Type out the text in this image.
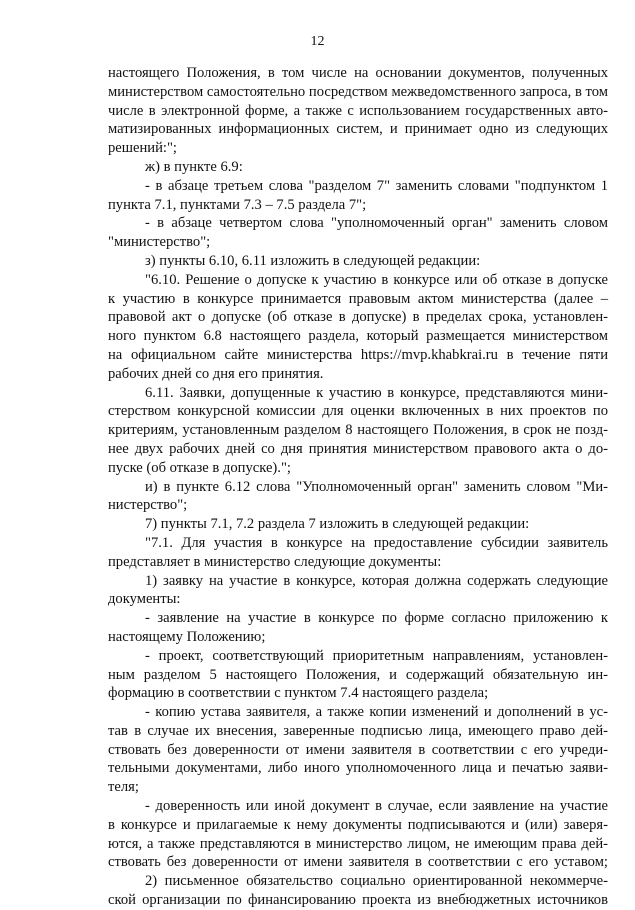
12
настоящего Положения, в том числе на основании документов, полученных
министерством самостоятельно посредством межведомственного запроса, в том
числе в электронной форме, а также с использованием государственных авто-
матизированных информационных систем, и принимает одно из следующих
решений:";
ж) в пункте 6.9:
- в абзаце третьем слова "разделом 7" заменить словами "подпунктом 1
пункта 7.1, пунктами 7.3 – 7.5 раздела 7";
- в абзаце четвертом слова "уполномоченный орган" заменить словом
"министерство";
з) пункты 6.10, 6.11 изложить в следующей редакции:
"6.10. Решение о допуске к участию в конкурсе или об отказе в допуске
к участию в конкурсе принимается правовым актом министерства (далее –
правовой акт о допуске (об отказе в допуске) в пределах срока, установлен-
ного пунктом 6.8 настоящего раздела, который размещается министерством
на официальном сайте министерства https://mvp.khabkrai.ru в течение пяти
рабочих дней со дня его принятия.
6.11. Заявки, допущенные к участию в конкурсе, представляются мини-
стерством конкурсной комиссии для оценки включенных в них проектов по
критериям, установленным разделом 8 настоящего Положения, в срок не позд-
нее двух рабочих дней со дня принятия министерством правового акта о до-
пуске (об отказе в допуске).";
и) в пункте 6.12 слова "Уполномоченный орган" заменить словом "Ми-
нистерство";
7) пункты 7.1, 7.2 раздела 7 изложить в следующей редакции:
"7.1. Для участия в конкурсе на предоставление субсидии заявитель
представляет в министерство следующие документы:
1) заявку на участие в конкурсе, которая должна содержать следующие
документы:
- заявление на участие в конкурсе по форме согласно приложению к
настоящему Положению;
- проект, соответствующий приоритетным направлениям, установлен-
ным разделом 5 настоящего Положения, и содержащий обязательную ин-
формацию в соответствии с пунктом 7.4 настоящего раздела;
- копию устава заявителя, а также копии изменений и дополнений в ус-
тав в случае их внесения, заверенные подписью лица, имеющего право дей-
ствовать без доверенности от имени заявителя в соответствии с его учреди-
тельными документами, либо иного уполномоченного лица и печатью заяви-
теля;
- доверенность или иной документ в случае, если заявление на участие
в конкурсе и прилагаемые к нему документы подписываются и (или) заверя-
ются, а также представляются в министерство лицом, не имеющим права дей-
ствовать без доверенности от имени заявителя в соответствии с его уставом;
2) письменное обязательство социально ориентированной некоммерче-
ской организации по финансированию проекта из внебюджетных источников
